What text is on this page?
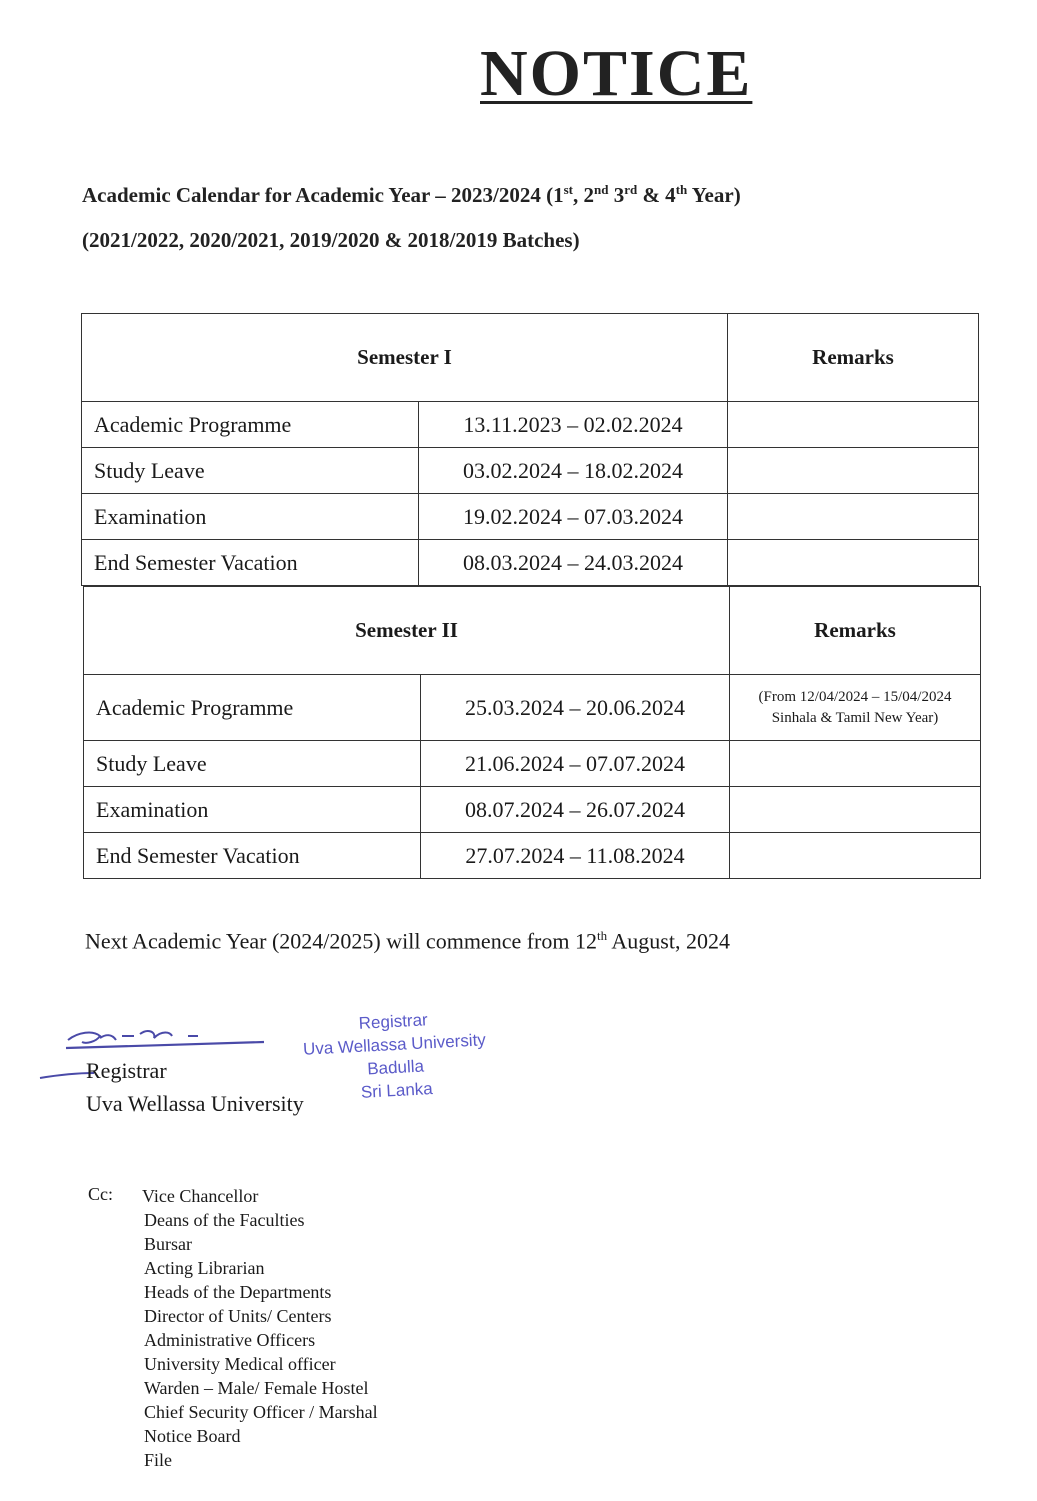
NOTICE
Academic Calendar for Academic Year – 2023/2024 (1st, 2nd 3rd & 4th Year)
(2021/2022, 2020/2021, 2019/2020 & 2018/2019 Batches)
Semester I		Remarks
Academic Programme	13.11.2023 – 02.02.2024	
Study Leave	03.02.2024 – 18.02.2024	
Examination	19.02.2024 – 07.03.2024	
End Semester Vacation	08.03.2024 – 24.03.2024	
Semester II		Remarks
Academic Programme	25.03.2024 – 20.06.2024	(From 12/04/2024 – 15/04/2024 Sinhala & Tamil New Year)
Study Leave	21.06.2024 – 07.07.2024	
Examination	08.07.2024 – 26.07.2024	
End Semester Vacation	27.07.2024 – 11.08.2024	
Next Academic Year (2024/2025) will commence from 12th August, 2024
Registrar
Uva Wellassa University
Registrar
Uva Wellassa University
Badulla
Sri Lanka
Cc: Vice Chancellor
Deans of the Faculties
Bursar
Acting Librarian
Heads of the Departments
Director of Units/ Centers
Administrative Officers
University Medical officer
Warden – Male/ Female Hostel
Chief Security Officer / Marshal
Notice Board
File
